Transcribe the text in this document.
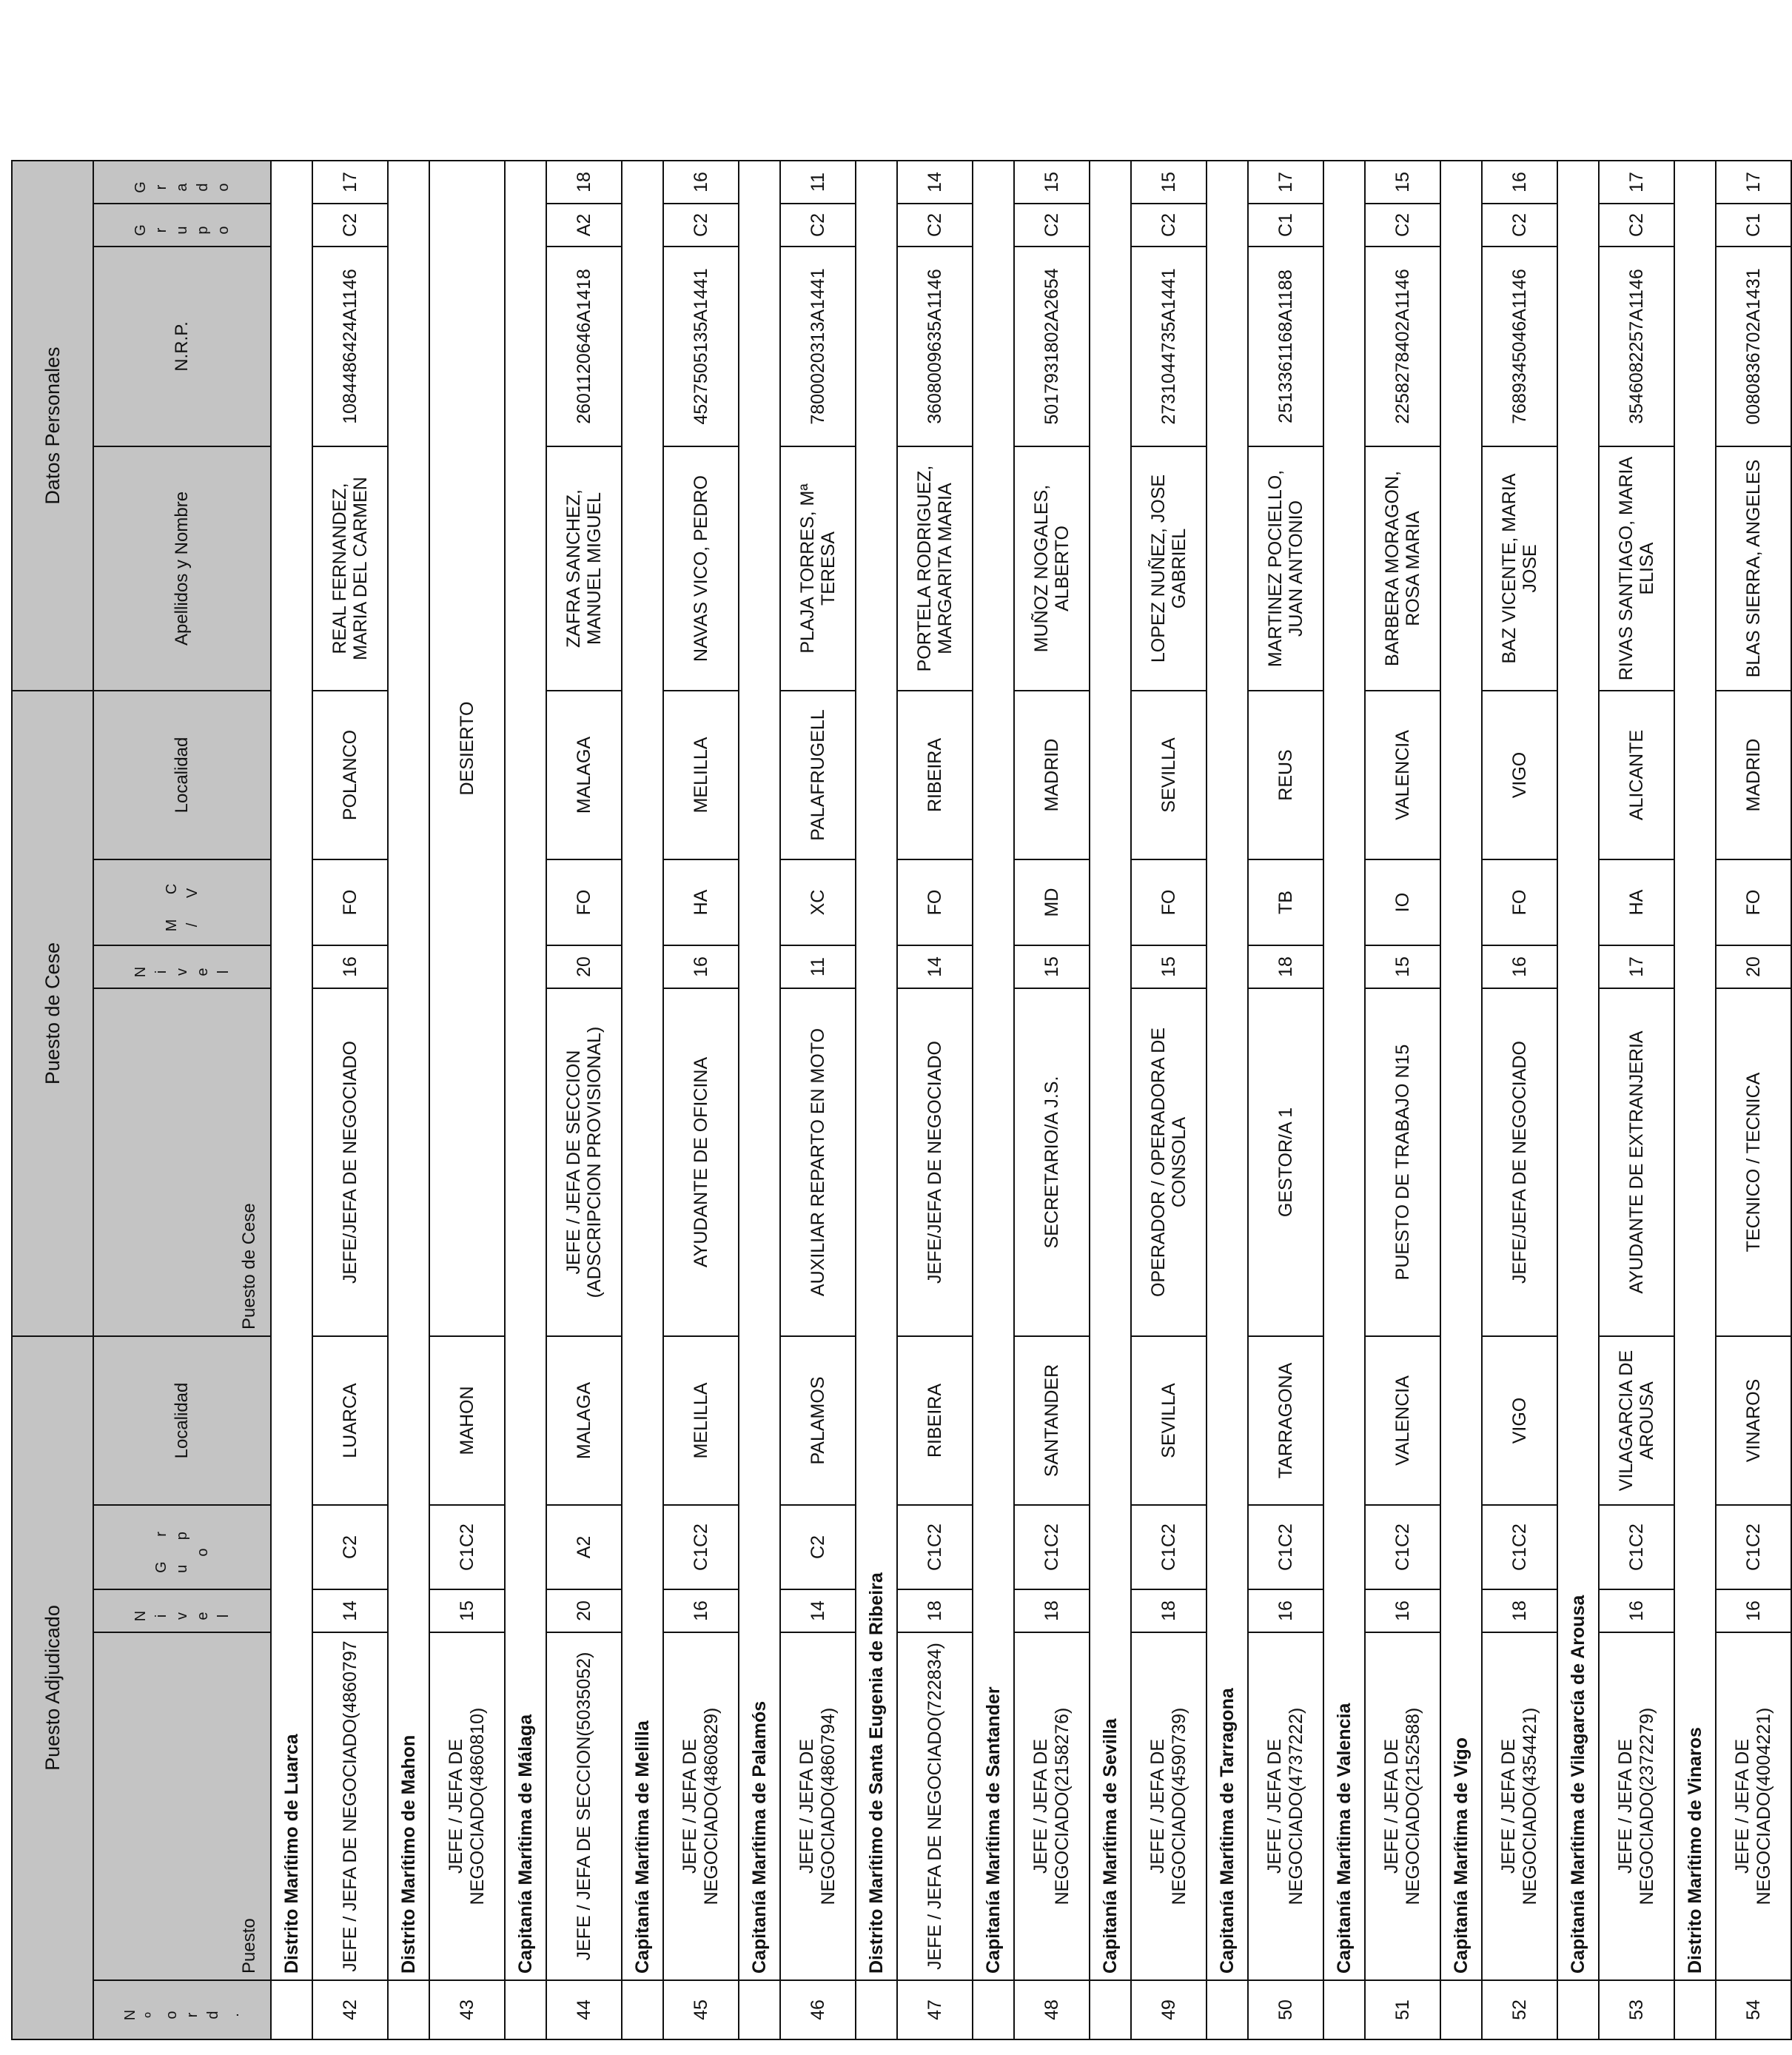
Puesto Adjudicado					Puesto de Cese				Datos Personales			
N º o r d .	Puesto	N i v e l	G r u p o	Localidad	Puesto de Cese	N i v e l	M C / V	Localidad	Apellidos y Nombre	N.R.P.	G r u p o	G r a d o
	Distrito Marítimo de Luarca											
42	JEFE / JEFA DE NEGOCIADO(4860797	14	C2	LUARCA	JEFE/JEFA DE NEGOCIADO	16	FO	POLANCO	REAL FERNANDEZ, MARIA DEL CARMEN	1084486424A1146	C2	17
	Distrito Marítimo de Mahon											
43	JEFE / JEFA DE NEGOCIADO(4860810)	15	C1C2	MAHON	DESIERTO							
	Capitanía Marítima de Málaga											
44	JEFE / JEFA DE SECCION(5035052)	20	A2	MALAGA	JEFE / JEFA DE SECCION (ADSCRIPCION PROVISIONAL)	20	FO	MALAGA	ZAFRA SANCHEZ, MANUEL MIGUEL	2601120646A1418	A2	18
	Capitanía Marítima de Melilla											
45	JEFE / JEFA DE NEGOCIADO(4860829)	16	C1C2	MELILLA	AYUDANTE DE OFICINA	16	HA	MELILLA	NAVAS VICO, PEDRO	4527505135A1441	C2	16
	Capitanía Marítima de Palamós											
46	JEFE / JEFA DE NEGOCIADO(4860794)	14	C2	PALAMOS	AUXILIAR REPARTO EN MOTO	11	XC	PALAFRUGELL	PLAJA TORRES, Mª TERESA	7800020313A1441	C2	11
	Distrito Marítimo de Santa Eugenia de Ribeira											
47	JEFE / JEFA DE NEGOCIADO(722834)	18	C1C2	RIBEIRA	JEFE/JEFA DE NEGOCIADO	14	FO	RIBEIRA	PORTELA RODRIGUEZ, MARGARITA MARIA	3608009635A1146	C2	14
	Capitanía Marítima de Santander											
48	JEFE / JEFA DE NEGOCIADO(2158276)	18	C1C2	SANTANDER	SECRETARIO/A J.S.	15	MD	MADRID	MUÑOZ NOGALES, ALBERTO	5017931802A2654	C2	15
	Capitanía Marítima de Sevilla											
49	JEFE / JEFA DE NEGOCIADO(4590739)	18	C1C2	SEVILLA	OPERADOR / OPERADORA DE CONSOLA	15	FO	SEVILLA	LOPEZ NUÑEZ, JOSE GABRIEL	2731044735A1441	C2	15
	Capitanía Marítima de Tarragona											
50	JEFE / JEFA DE NEGOCIADO(4737222)	16	C1C2	TARRAGONA	GESTOR/A 1	18	TB	REUS	MARTINEZ POCIELLO, JUAN ANTONIO	2513361168A1188	C1	17
	Capitanía Marítima de Valencia											
51	JEFE / JEFA DE NEGOCIADO(2152588)	16	C1C2	VALENCIA	PUESTO DE TRABAJO N15	15	IO	VALENCIA	BARBERA MORAGON, ROSA MARIA	2258278402A1146	C2	15
	Capitanía Marítima de Vigo											
52	JEFE / JEFA DE NEGOCIADO(4354421)	18	C1C2	VIGO	JEFE/JEFA DE NEGOCIADO	16	FO	VIGO	BAZ VICENTE, MARIA JOSE	7689345046A1146	C2	16
	Capitanía Marítima de Vilagarcía de Arousa											
53	JEFE / JEFA DE NEGOCIADO(2372279)	16	C1C2	VILAGARCIA DE AROUSA	AYUDANTE DE EXTRANJERIA	17	HA	ALICANTE	RIVAS SANTIAGO, MARIA ELISA	3546082257A1146	C2	17
	Distrito Marítimo de Vinaros											
54	JEFE / JEFA DE NEGOCIADO(4004221)	16	C1C2	VINAROS	TECNICO / TECNICA	20	FO	MADRID	BLAS SIERRA, ANGELES	0080836702A1431	C1	17
